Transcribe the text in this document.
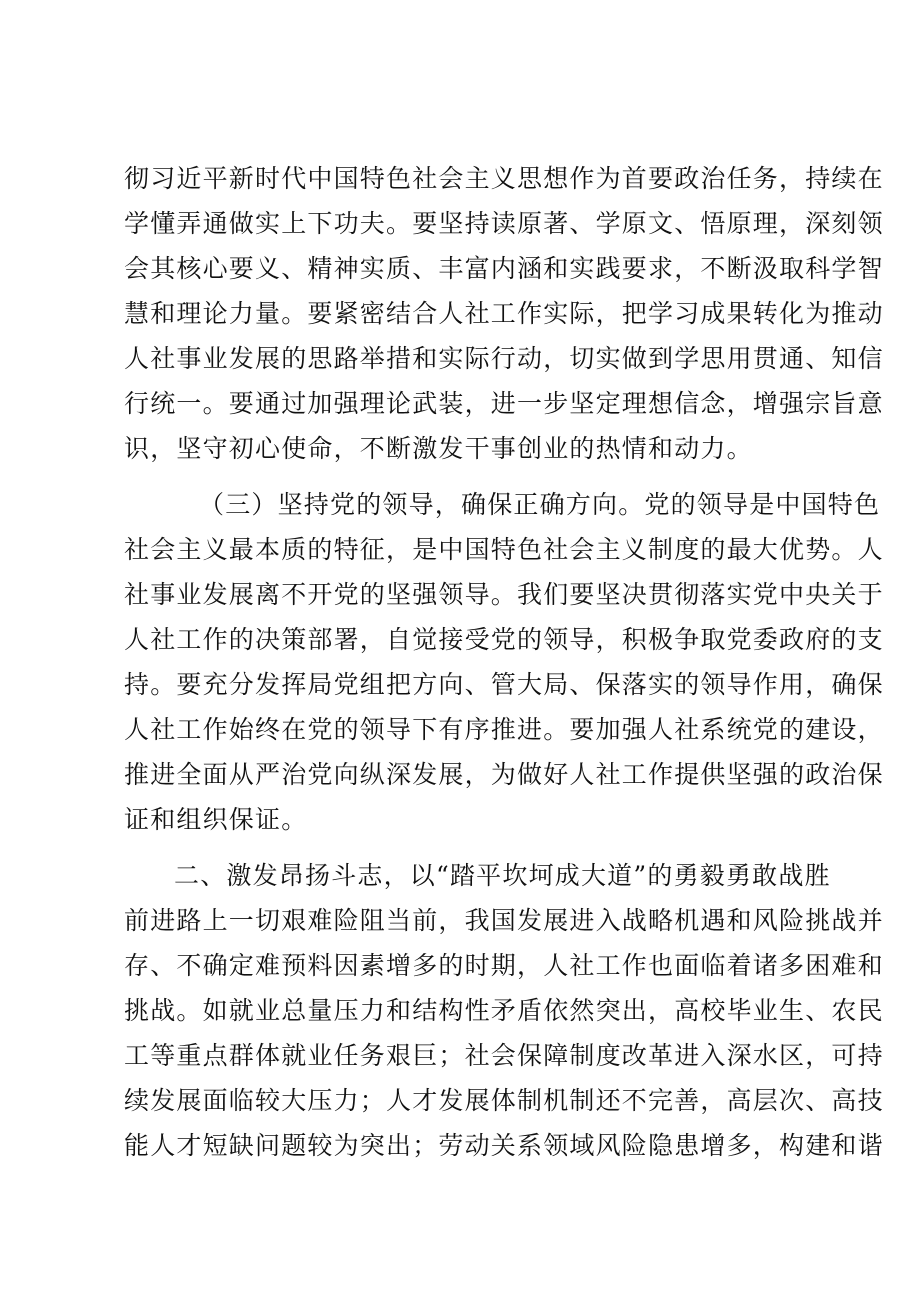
彻习近平新时代中国特色社会主义思想作为首要政治任务，持续在
学懂弄通做实上下功夫。要坚持读原著、学原文、悟原理，深刻领
会其核心要义、精神实质、丰富内涵和实践要求，不断汲取科学智
慧和理论力量。要紧密结合人社工作实际，把学习成果转化为推动
人社事业发展的思路举措和实际行动，切实做到学思用贯通、知信
行统一。要通过加强理论武装，进一步坚定理想信念，增强宗旨意
识，坚守初心使命，不断激发干事创业的热情和动力。
（三）坚持党的领导，确保正确方向。党的领导是中国特色
社会主义最本质的特征，是中国特色社会主义制度的最大优势。人
社事业发展离不开党的坚强领导。我们要坚决贯彻落实党中央关于
人社工作的决策部署，自觉接受党的领导，积极争取党委政府的支
持。要充分发挥局党组把方向、管大局、保落实的领导作用，确保
人社工作始终在党的领导下有序推进。要加强人社系统党的建设，
推进全面从严治党向纵深发展，为做好人社工作提供坚强的政治保
证和组织保证。
二、激发昂扬斗志，以“踏平坎坷成大道”的勇毅勇敢战胜
前进路上一切艰难险阻当前，我国发展进入战略机遇和风险挑战并
存、不确定难预料因素增多的时期，人社工作也面临着诸多困难和
挑战。如就业总量压力和结构性矛盾依然突出，高校毕业生、农民
工等重点群体就业任务艰巨；社会保障制度改革进入深水区，可持
续发展面临较大压力；人才发展体制机制还不完善，高层次、高技
能人才短缺问题较为突出；劳动关系领域风险隐患增多，构建和谐
